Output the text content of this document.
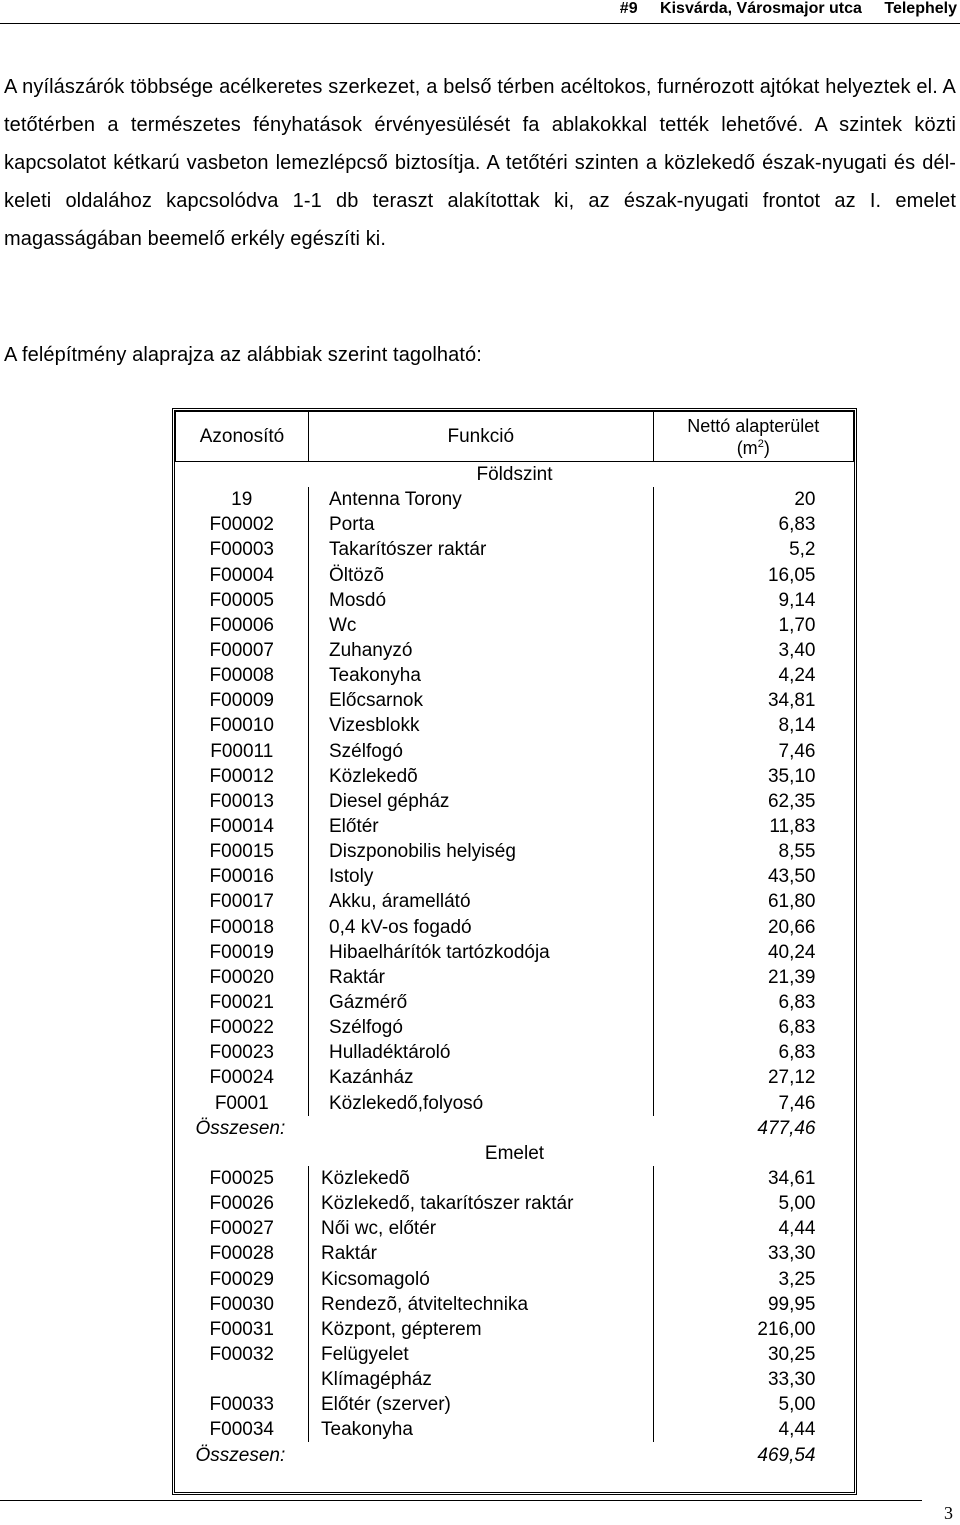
#9 Kisvárda, Városmajor utca Telephely
A nyílászárók többsége acélkeretes szerkezet, a belső térben acéltokos, furnérozott ajtókat helyeztek el. A tetőtérben a természetes fényhatások érvényesülését fa ablakokkal tették lehetővé. A szintek közti kapcsolatot kétkarú vasbeton lemezlépcső biztosítja. A tetőtéri szinten a közlekedő észak-nyugati és dél-keleti oldalához kapcsolódva 1-1 db teraszt alakítottak ki, az észak-nyugati frontot az I. emelet magasságában beemelő erkély egészíti ki.
A felépítmény alaprajza az alábbiak szerint tagolható:
Azonosító	Funkció	Nettó alapterület
$(m^2)$
Földszint		
19	Antenna Torony	20
F00002	Porta	6,83
F00003	Takarítószer raktár	5,2
F00004	Öltözõ	16,05
F00005	Mosdó	9,14
F00006	Wc	1,70
F00007	Zuhanyzó	3,40
F00008	Teakonyha	4,24
F00009	Előcsarnok	34,81
F00010	Vizesblokk	8,14
F00011	Szélfogó	7,46
F00012	Közlekedõ	35,10
F00013	Diesel gépház	62,35
F00014	Előtér	11,83
F00015	Diszponobilis helyiség	8,55
F00016	Istoly	43,50
F00017	Akku, áramellátó	61,80
F00018	0,4 kV-os fogadó	20,66
F00019	Hibaelhárítók tartózkodója	40,24
F00020	Raktár	21,39
F00021	Gázmérő	6,83
F00022	Szélfogó	6,83
F00023	Hulladéktároló	6,83
F00024	Kazánház	27,12
F0001	Közlekedő,folyosó	7,46
Összesen:		477,46
Emelet		
F00025	Közlekedõ	34,61
F00026	Közlekedő, takarítószer raktár	5,00
F00027	Női wc, előtér	4,44
F00028	Raktár	33,30
F00029	Kicsomagoló	3,25
F00030	Rendezõ, átviteltechnika	99,95
F00031	Központ, gépterem	216,00
F00032	Felügyelet	30,25
	Klímagépház	33,30
F00033	Előtér (szerver)	5,00
F00034	Teakonyha	4,44
Összesen:		469,54
3
